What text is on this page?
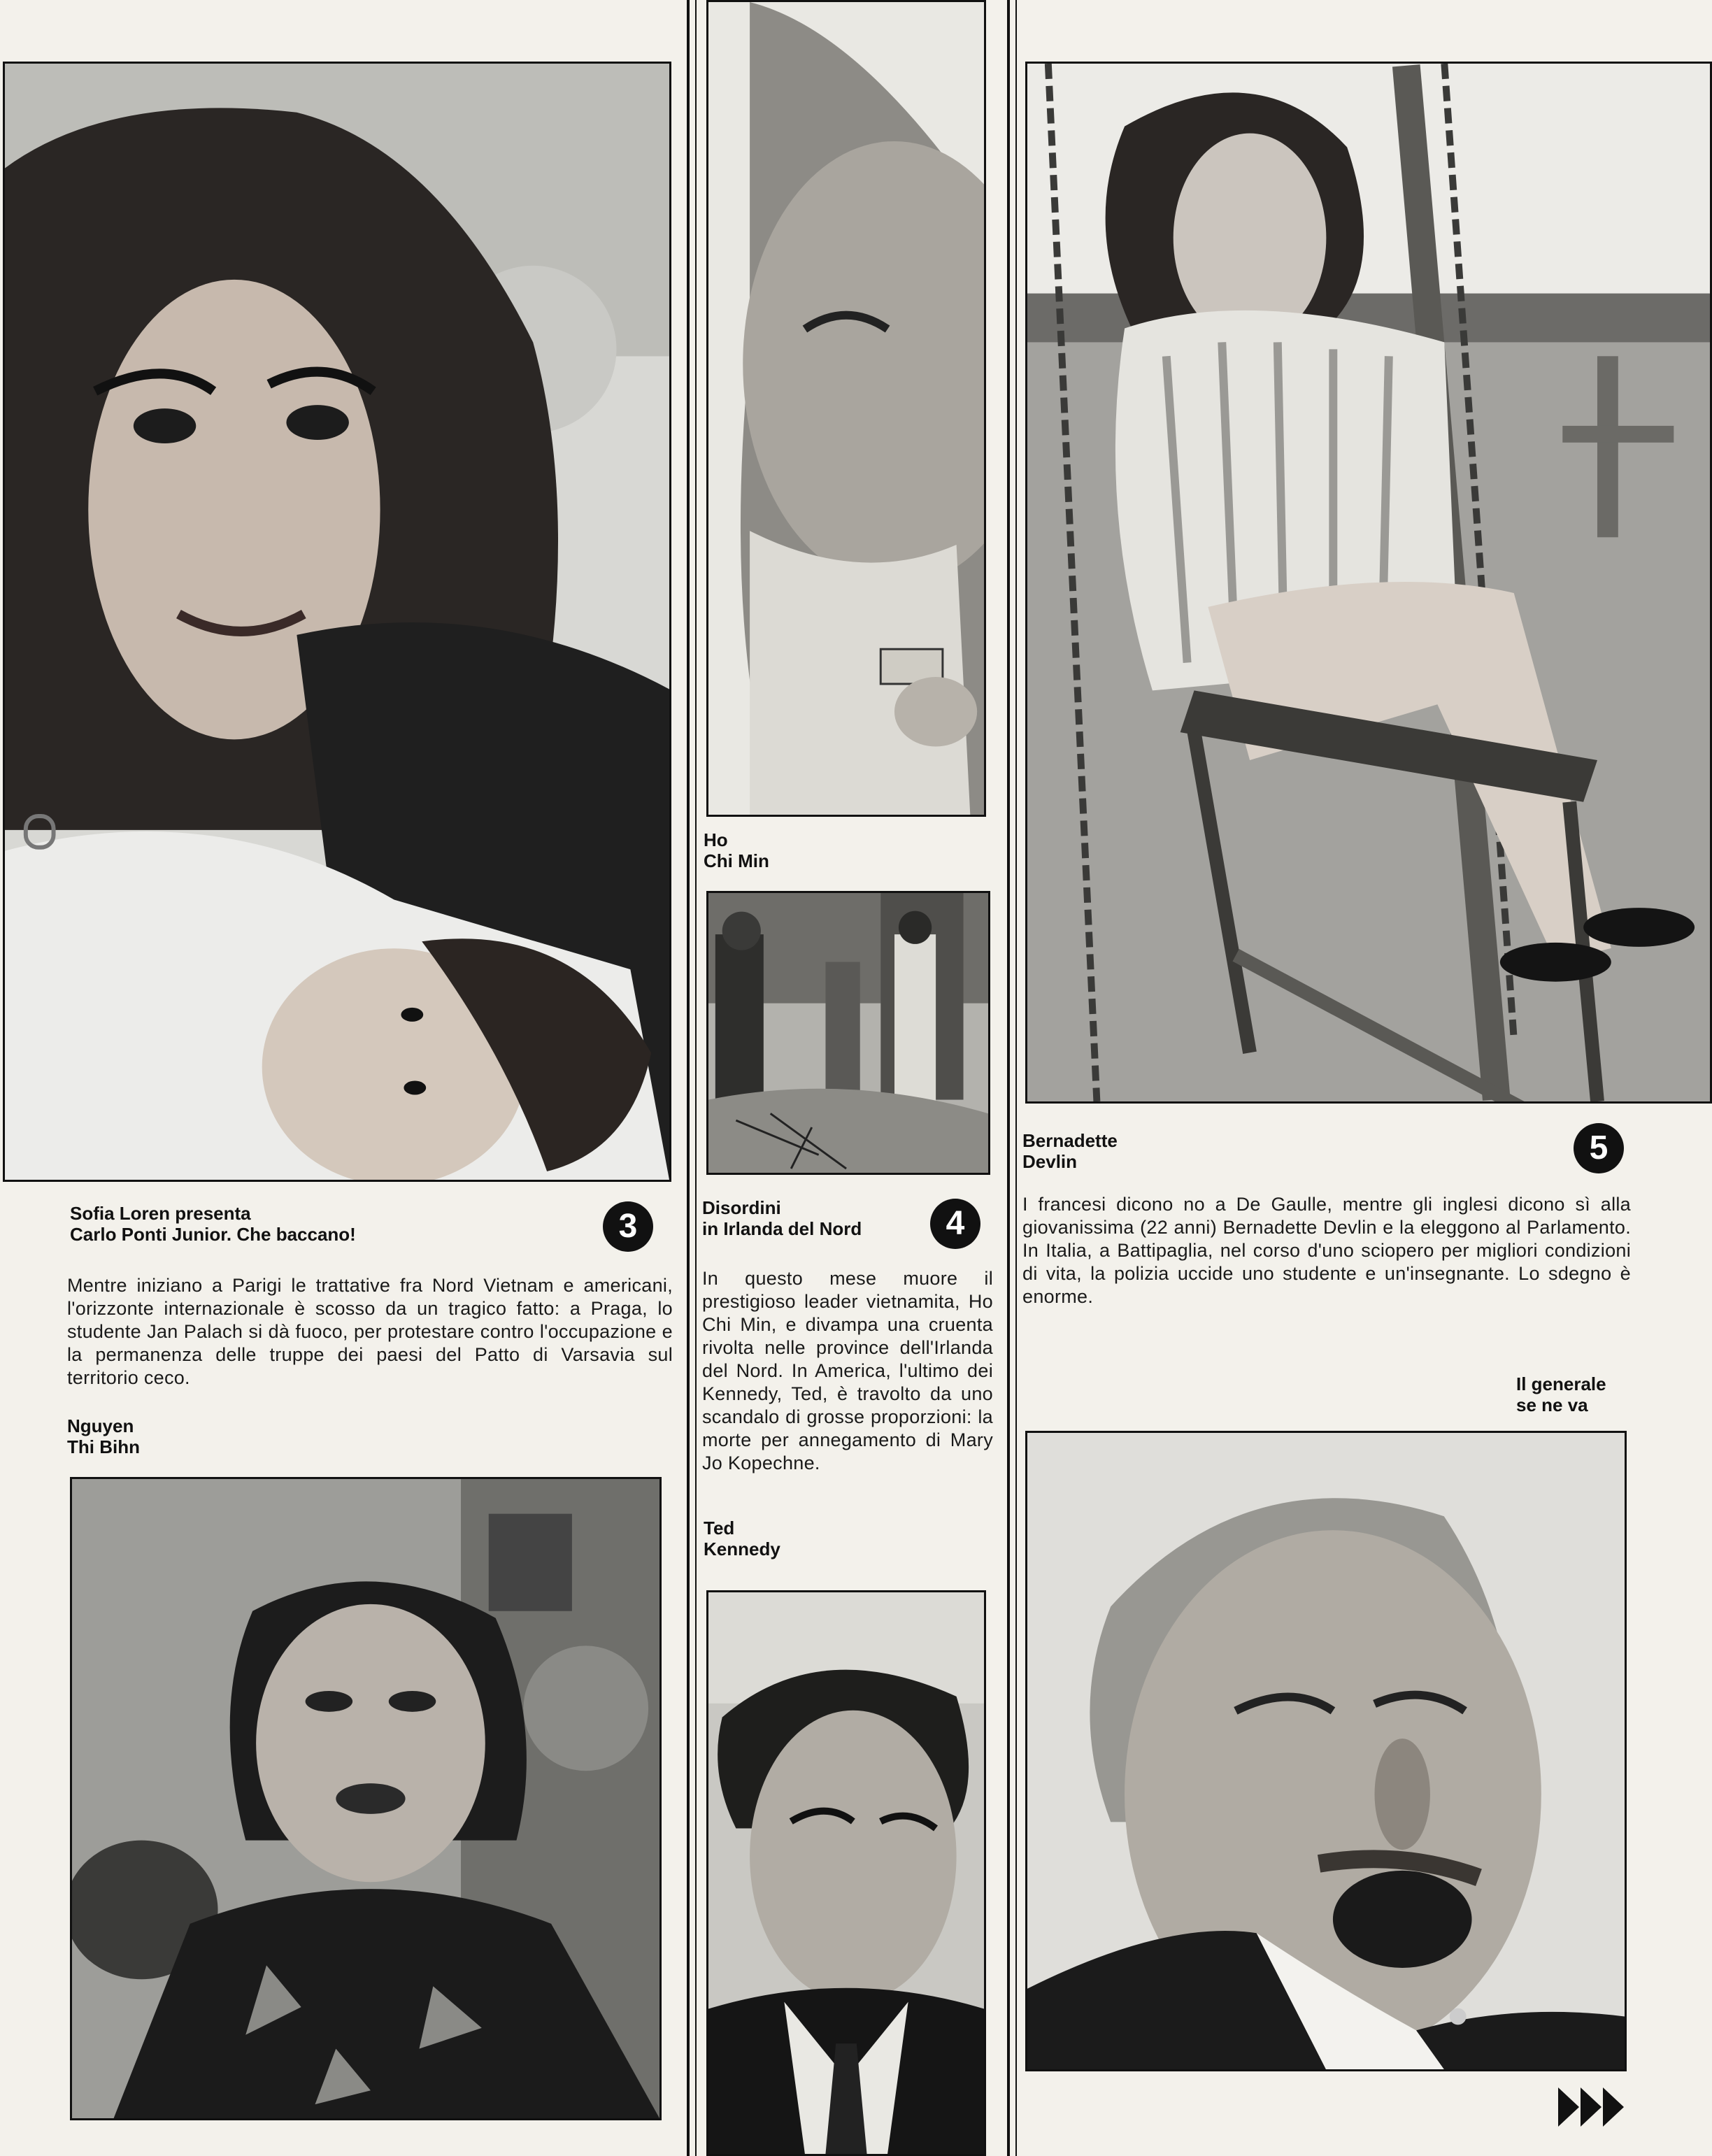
Sofia Loren presenta
Carlo Ponti Junior. Che baccano!	3
Mentre iniziano a Parigi le trattative fra Nord Vietnam e americani, l'orizzonte internazionale è scosso da un tragico fatto: a Praga, lo studente Jan Palach si dà fuoco, per protestare contro l'occupazione e la permanenza delle truppe dei paesi del Patto di Varsavia sul territorio ceco.
Nguyen
Thi Bihn
Ho
Chi Min
Disordini
in Irlanda del Nord	4
In questo mese muore il prestigioso leader vietnamita, Ho Chi Min, e divampa una cruenta rivolta nelle province dell'Irlanda del Nord. In America, l'ultimo dei Kennedy, Ted, è travolto da uno scandalo di grosse proporzioni: la morte per annegamento di Mary Jo Kopechne.
Ted
Kennedy
Bernadette
Devlin	5
I francesi dicono no a De Gaulle, mentre gli inglesi dicono sì alla giovanissima (22 anni) Bernadette Devlin e la eleggono al Parlamento. In Italia, a Battipaglia, nel corso d'uno sciopero per migliori condizioni di vita, la polizia uccide uno studente e un'insegnante. Lo sdegno è enorme.
Il generale
se ne va
